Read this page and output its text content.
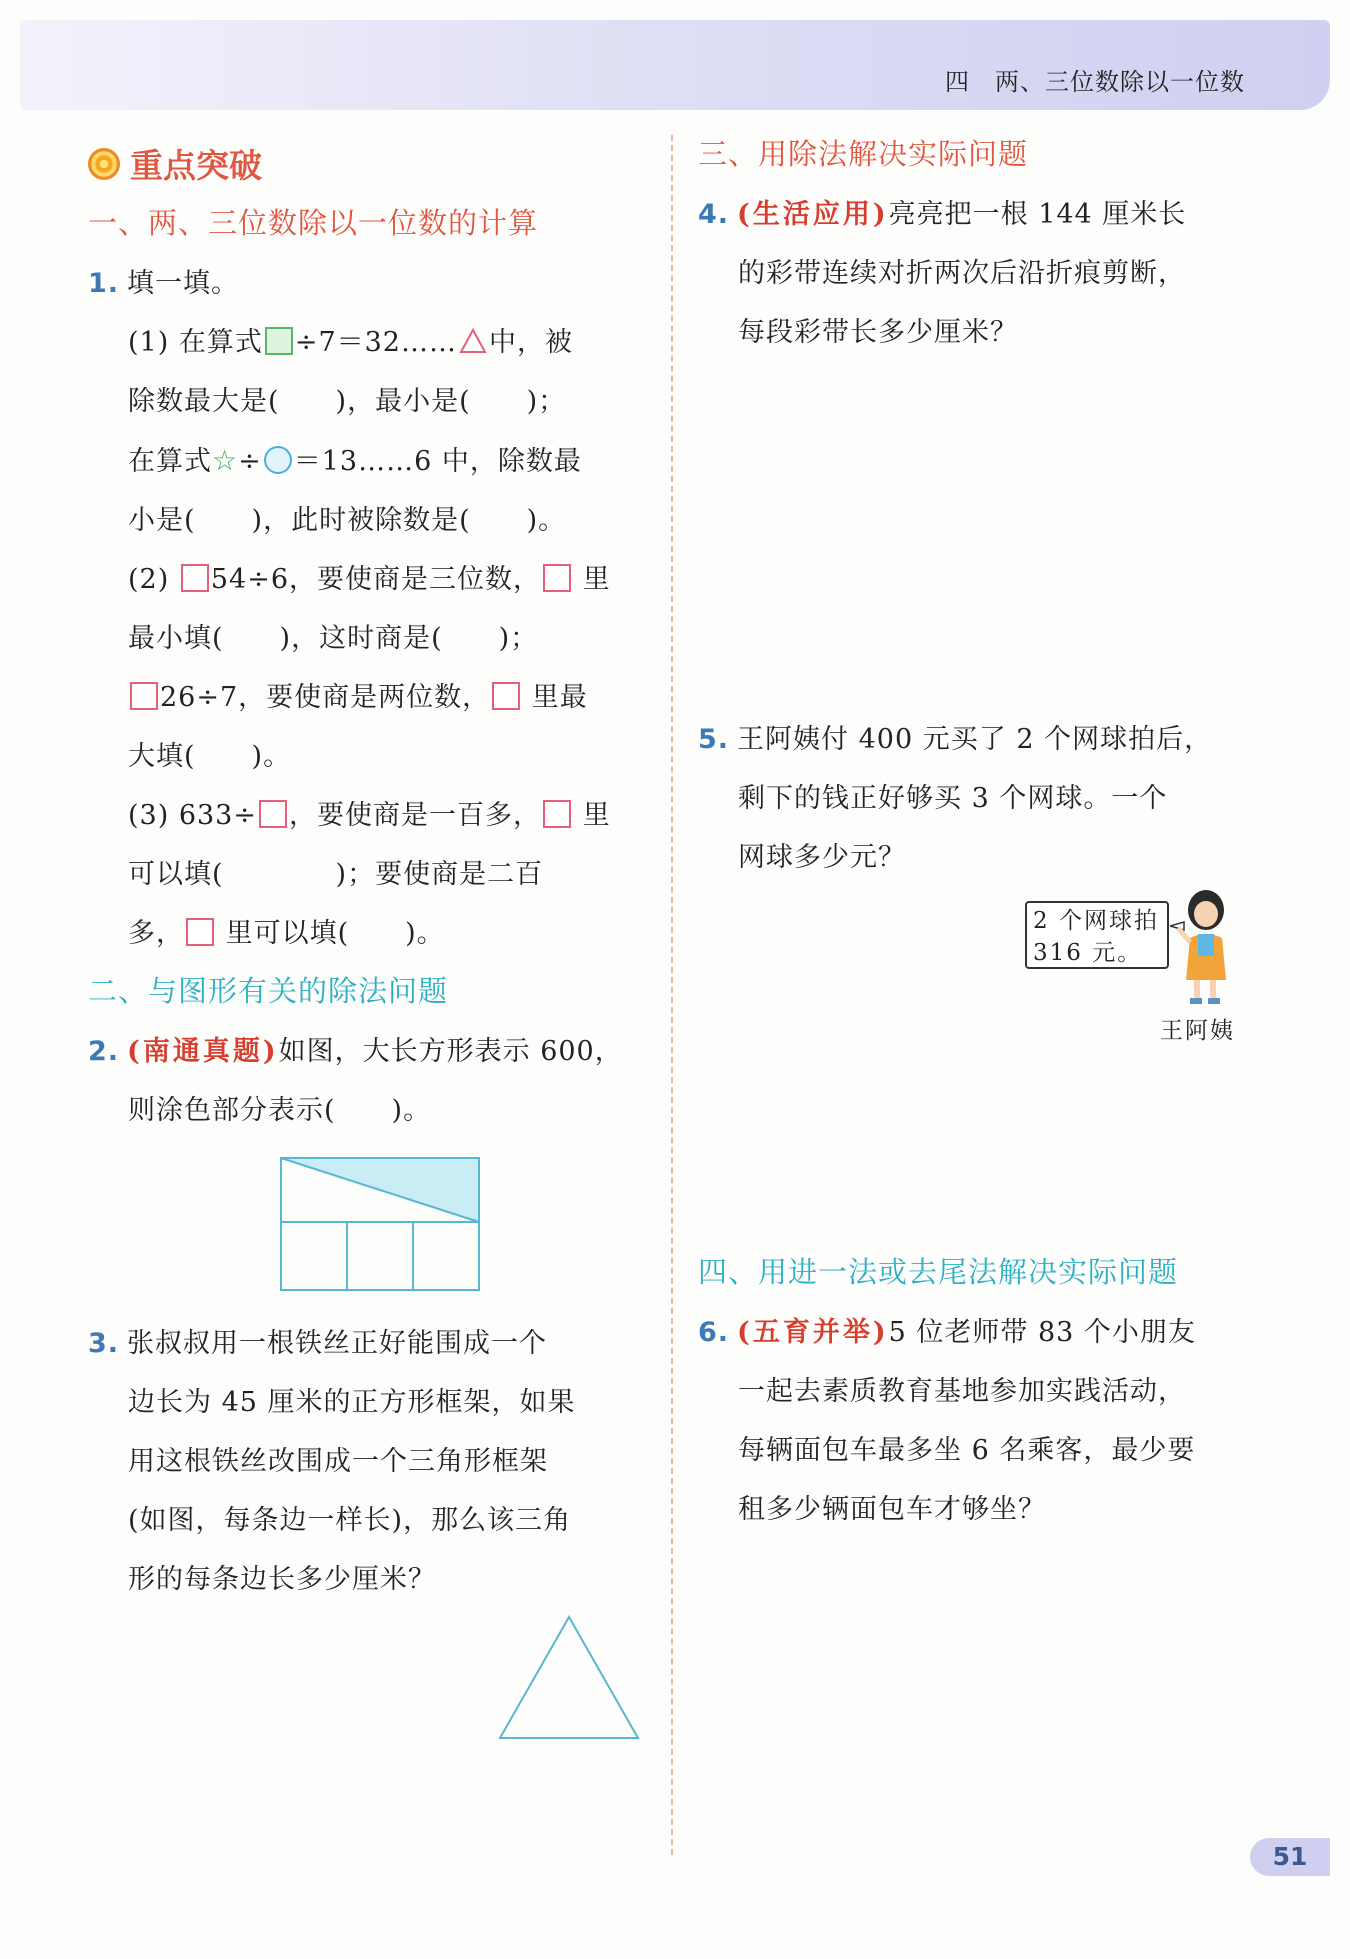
四　两、三位数除以一位数
重点突破
一、两、三位数除以一位数的计算
1. 填一填。
(1) 在算式 ÷7＝32…… 中，被
除数最大是(　　)，最小是(　　)；
在算式☆÷ ＝13……6 中，除数最
小是(　　)，此时被除数是(　　)。
(2) 54÷6，要使商是三位数， 里
最小填(　　)，这时商是(　　)；
26÷7，要使商是两位数， 里最
大填(　　)。
(3) 633÷ ，要使商是一百多， 里
可以填(　　　　)；要使商是二百
多， 里可以填(　　)。
二、与图形有关的除法问题
2. (南通真题)如图，大长方形表示 600，
则涂色部分表示(　　)。
3. 张叔叔用一根铁丝正好能围成一个
边长为 45 厘米的正方形框架，如果
用这根铁丝改围成一个三角形框架
(如图，每条边一样长)，那么该三角
形的每条边长多少厘米？
三、用除法解决实际问题
4. (生活应用)亮亮把一根 144 厘米长
的彩带连续对折两次后沿折痕剪断，
每段彩带长多少厘米？
5. 王阿姨付 400 元买了 2 个网球拍后，
剩下的钱正好够买 3 个网球。一个
网球多少元？
2 个网球拍
316 元。
王阿姨
四、用进一法或去尾法解决实际问题
6. (五育并举)5 位老师带 83 个小朋友
一起去素质教育基地参加实践活动，
每辆面包车最多坐 6 名乘客，最少要
租多少辆面包车才够坐？
51
